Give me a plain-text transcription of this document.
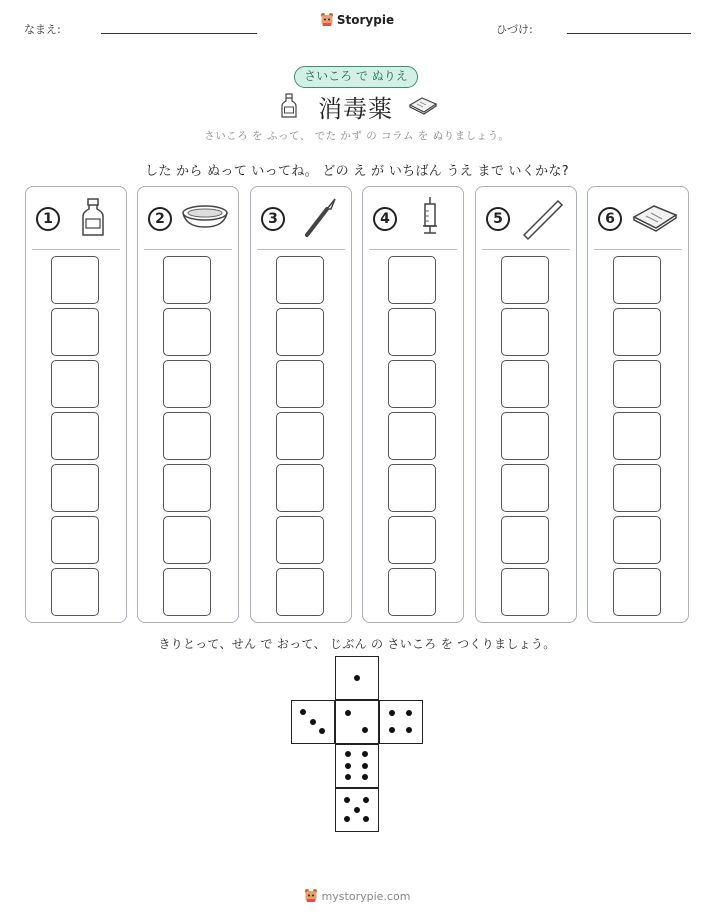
なまえ:
Storypie
ひづけ:
さいころ で ぬりえ
消毒薬
さいころ を ふって、 でた かず の コラム を ぬりましょう。
した から ぬって いってね。 どの え が いちばん うえ まで いくかな?
1	2	3	4	5	6
きりとって、せん で おって、 じぶん の さいころ を つくりましょう。
mystorypie.com
